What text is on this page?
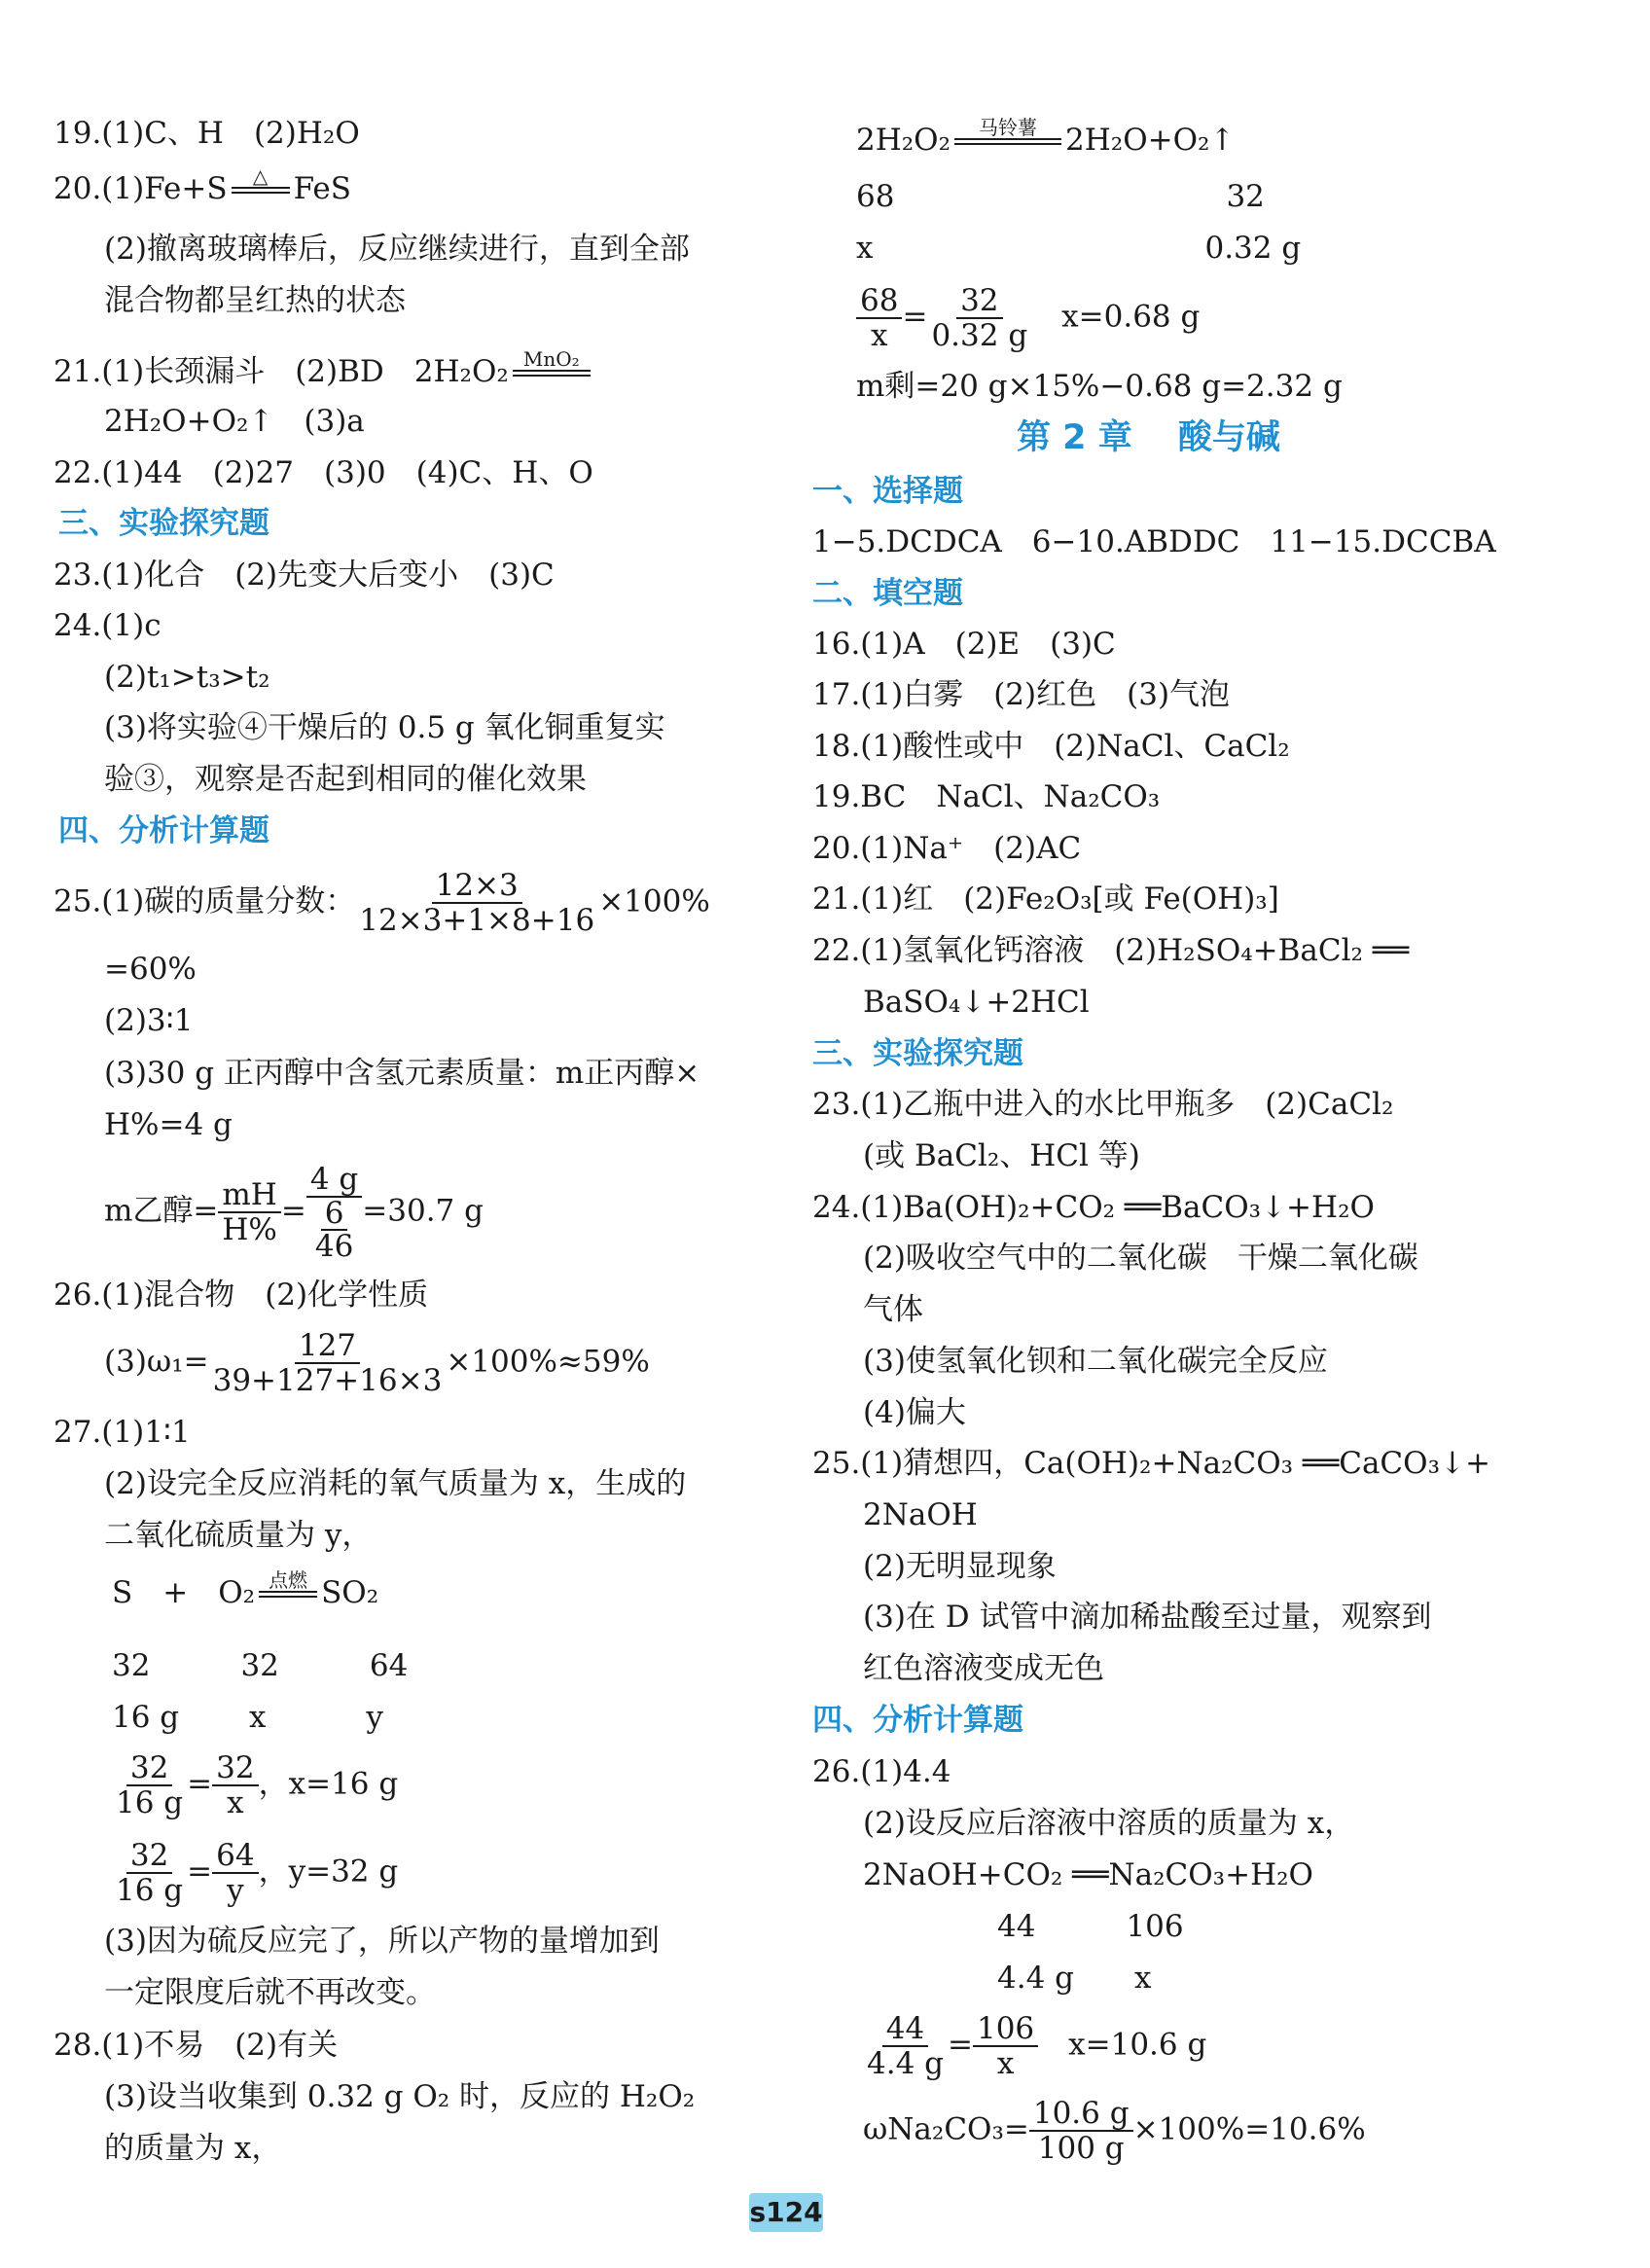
19.(1)C、H　(2)H₂O
20.(1)Fe+S △
FeS
(2)撤离玻璃棒后，反应继续进行，直到全部
混合物都呈红热的状态
21.(1)长颈漏斗　(2)BD　2H₂O₂ MnO₂

2H₂O+O₂↑　(3)a
22.(1)44　(2)27　(3)0　(4)C、H、O
三、实验探究题
23.(1)化合　(2)先变大后变小　(3)C
24.(1)c
(2)t₁>t₃>t₂
(3)将实验④干燥后的 0.5 g 氧化铜重复实
验③，观察是否起到相同的催化效果
四、分析计算题
25.(1)碳的质量分数： $\frac{12\times 3}{12\times 3+1\times 8+16} \times 100\%$
=60%
(2)3∶1
(3)30 g 正丙醇中含氢元素质量：m正丙醇×
H%=4 g
m乙醇= $\frac{mH}{H\%} = \frac{4 g}{\frac{6}{46}} =30.7$ g
26.(1)混合物　(2)化学性质
$(3)\omega_1= \frac{127}{39+127+16\times 3} \times 100\%\approx 59\%$
27.(1)1∶1
(2)设完全反应消耗的氧气质量为 x，生成的
二氧化硫质量为 y，
S　+　O₂ 点燃
SO₂
32　　　32　　　64
16 g　　 x　　　 y
$\frac{32}{16 g} = \frac{32}{x}$ ，x=16 g
$\frac{32}{16 g} = \frac{64}{y}$ ，y=32 g
(3)因为硫反应完了，所以产物的量增加到
一定限度后就不再改变。
28.(1)不易　(2)有关
(3)设当收集到 0.32 g O₂ 时，反应的 H₂O₂
的质量为 x，
2H₂O₂ 马铃薯
2H₂O+O₂↑
68　　　　　　　　　　　32
x　　　　　　　　　　　0.32 g
$\frac{68}{x} = \frac{32}{0.32 g}$ 　x=0.68 g
m剩=20 g×15%−0.68 g=2.32 g
第 2 章　 酸与碱
一、选择题
1−5.DCDCA　6−10.ABDDC　11−15.DCCBA
二、填空题
16.(1)A　(2)E　(3)C
17.(1)白雾　(2)红色　(3)气泡
18.(1)酸性或中　(2)NaCl、CaCl₂
19.BC　NaCl、Na₂CO₃
20.(1)Na⁺　(2)AC
21.(1)红　(2)Fe₂O₃[或 Fe(OH)₃]
22.(1)氢氧化钙溶液　(2)H₂SO₄+BaCl₂ ══
BaSO₄↓+2HCl
三、实验探究题
23.(1)乙瓶中进入的水比甲瓶多　(2)CaCl₂
(或 BaCl₂、HCl 等)
24.(1)Ba(OH)₂+CO₂ ══BaCO₃↓+H₂O
(2)吸收空气中的二氧化碳　干燥二氧化碳
气体
(3)使氢氧化钡和二氧化碳完全反应
(4)偏大
25.(1)猜想四，Ca(OH)₂+Na₂CO₃ ══CaCO₃↓+
2NaOH
(2)无明显现象
(3)在 D 试管中滴加稀盐酸至过量，观察到
红色溶液变成无色
四、分析计算题
26.(1)4.4
(2)设反应后溶液中溶质的质量为 x，
2NaOH+CO₂ ══Na₂CO₃+H₂O
44　　　106
4.4 g　　x
$\frac{44}{4.4 g} = \frac{106}{x}$ 　x=10.6 g
$\omega Na_2CO_3= \frac{10.6 g}{100 g} \times 100\%=10.6\%$
s124
